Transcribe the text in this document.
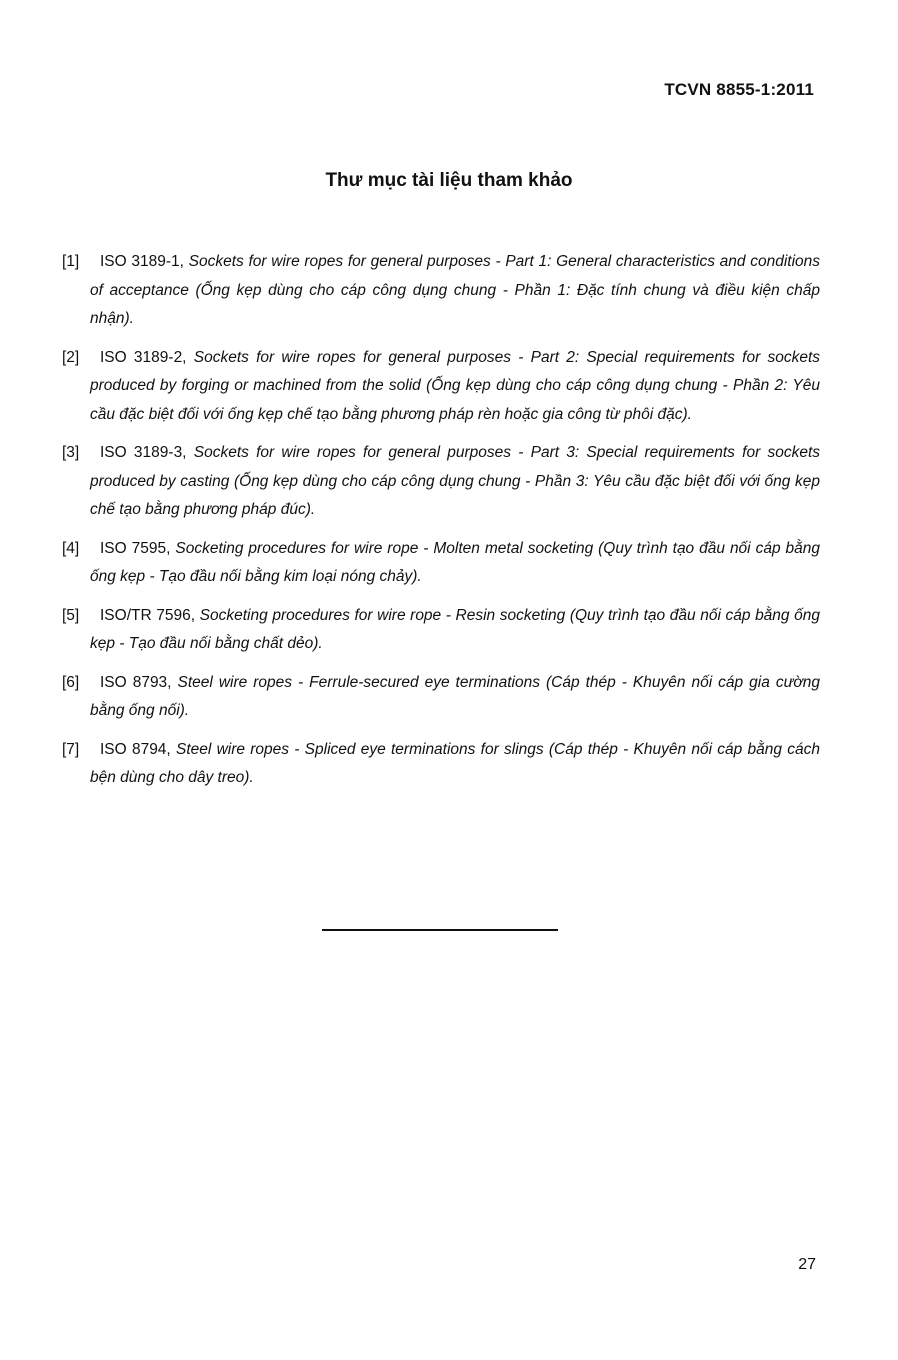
TCVN 8855-1:2011
Thư mục tài liệu tham khảo
[1]	ISO 3189-1, Sockets for wire ropes for general purposes - Part 1: General characteristics and conditions of acceptance (Ống kẹp dùng cho cáp công dụng chung - Phần 1: Đặc tính chung và điều kiện chấp nhận).
[2]	ISO 3189-2, Sockets for wire ropes for general purposes - Part 2: Special requirements for sockets produced by forging or machined from the solid (Ống kẹp dùng cho cáp công dụng chung - Phần 2: Yêu cầu đặc biệt đối với ống kẹp chế tạo bằng phương pháp rèn hoặc gia công từ phôi đặc).
[3]	ISO 3189-3, Sockets for wire ropes for general purposes - Part 3: Special requirements for sockets produced by casting (Ống kẹp dùng cho cáp công dụng chung - Phần 3: Yêu cầu đặc biệt đối với ống kẹp chế tạo bằng phương pháp đúc).
[4]	ISO 7595, Socketing procedures for wire rope - Molten metal socketing (Quy trình tạo đầu nối cáp bằng ống kẹp - Tạo đầu nối bằng kim loại nóng chảy).
[5]	ISO/TR 7596, Socketing procedures for wire rope - Resin socketing (Quy trình tạo đầu nối cáp bằng ống kẹp - Tạo đầu nối bằng chất dẻo).
[6]	ISO 8793, Steel wire ropes - Ferrule-secured eye terminations (Cáp thép - Khuyên nối cáp gia cường bằng ống nối).
[7]	ISO 8794, Steel wire ropes - Spliced eye terminations for slings (Cáp thép - Khuyên nối cáp bằng cách bện dùng cho dây treo).
27
